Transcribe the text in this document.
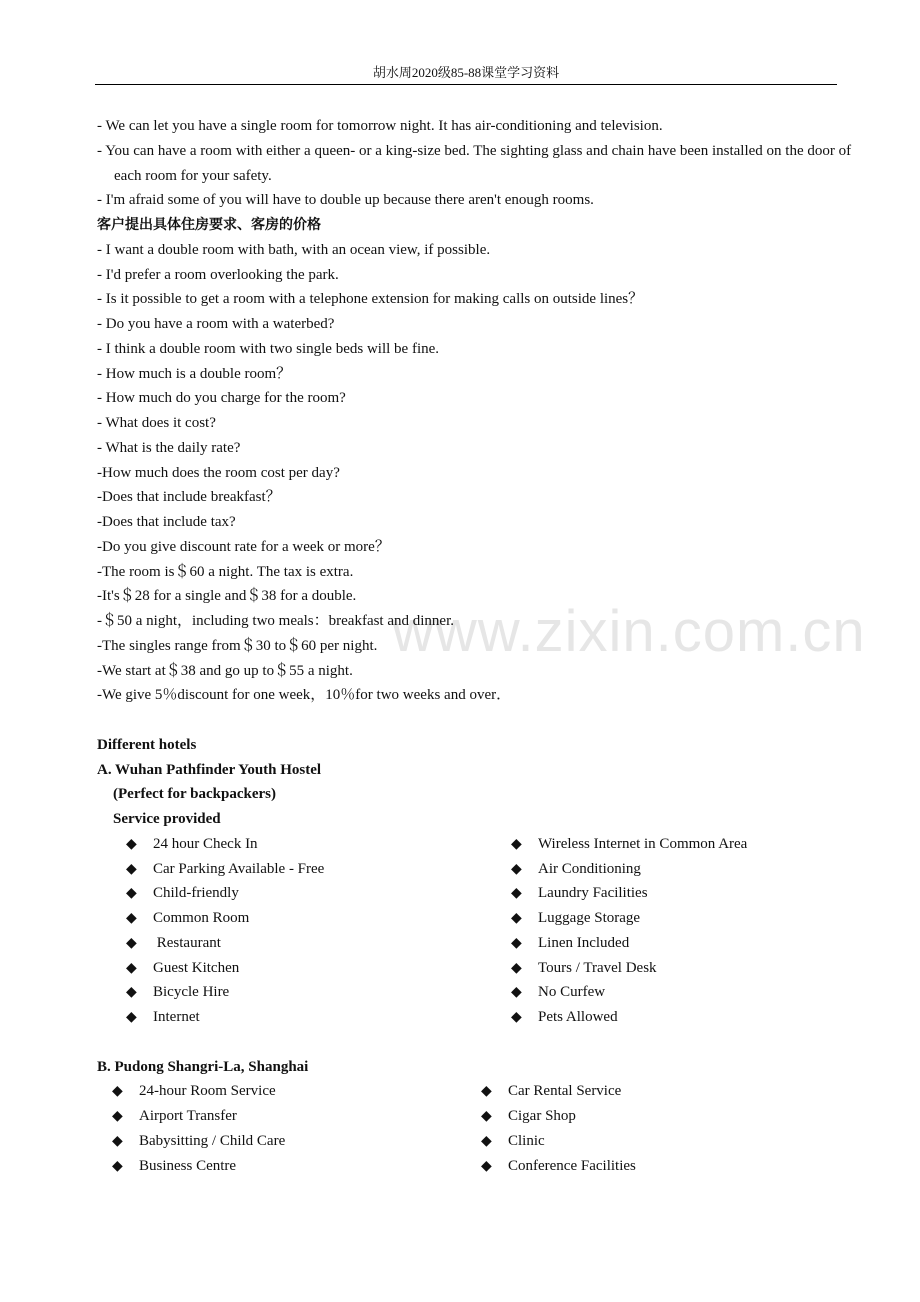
胡水周2020级85-88课堂学习资料
www.zixin.com.cn
- We can let you have a single room for tomorrow night. It has air-conditioning and television.
- You can have a room with either a queen- or a king-size bed. The sighting glass and chain have been installed on the door of each room for your safety.
- I'm afraid some of you will have to double up because there aren't enough rooms.
客户提出具体住房要求、客房的价格
- I want a double room with bath, with an ocean view, if possible.
- I'd prefer a room overlooking the park.
- Is it possible to get a room with a telephone extension for making calls on outside lines？
- Do you have a room with a waterbed?
- I think a double room with two single beds will be fine.
- How much is a double room？
- How much do you charge for the room?
- What does it cost?
- What is the daily rate?
-How much does the room cost per day?
-Does that include breakfast？
-Does that include tax?
-Do you give discount rate for a week or more？
-The room is＄60 a night. The tax is extra.
-It's＄28 for a single and＄38 for a double.
-＄50 a night，including two meals：breakfast and dinner.
-The singles range from＄30 to＄60 per night.
-We start at＄38 and go up to＄55 a night.
-We give 5％discount for one week，10％for two weeks and over．
Different hotels
A. Wuhan Pathfinder Youth Hostel
(Perfect for backpackers)
Service provided
◆	24 hour Check In
◆	Car Parking Available - Free
◆	Child-friendly
◆	Common Room
◆	Restaurant
◆	Guest Kitchen
◆	Bicycle Hire
◆	Internet
◆	Wireless Internet in Common Area
◆	Air Conditioning
◆	Laundry Facilities
◆	Luggage Storage
◆	Linen Included
◆	Tours / Travel Desk
◆	No Curfew
◆	Pets Allowed
B. Pudong Shangri-La, Shanghai
◆	24-hour Room Service
◆	Airport Transfer
◆	Babysitting / Child Care
◆	Business Centre
◆	Car Rental Service
◆	Cigar Shop
◆	Clinic
◆	Conference Facilities
